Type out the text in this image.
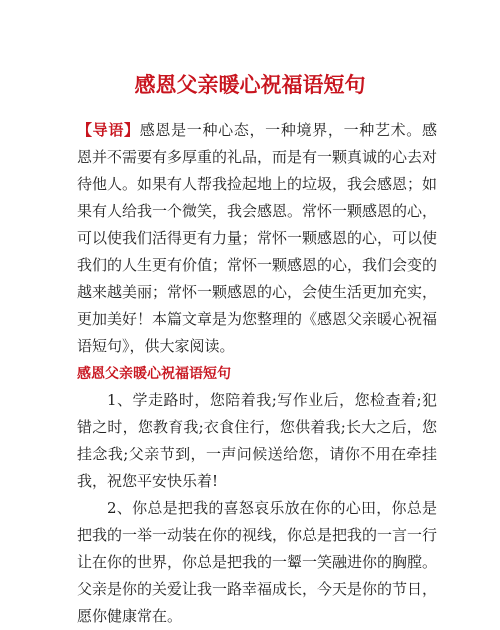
感恩父亲暖心祝福语短句

【导语】感恩是一种心态，一种境界，一种艺术。感恩并不需要有多厚重的礼品，而是有一颗真诚的心去对待他人。如果有人帮我捡起地上的垃圾，我会感恩；如果有人给我一个微笑，我会感恩。常怀一颗感恩的心，可以使我们活得更有力量；常怀一颗感恩的心，可以使我们的人生更有价值；常怀一颗感恩的心，我们会变的越来越美丽；常怀一颗感恩的心，会使生活更加充实，更加美好！本篇文章是为您整理的《感恩父亲暖心祝福语短句》，供大家阅读。

感恩父亲暖心祝福语短句

1、学走路时，您陪着我;写作业后，您检查着;犯错之时，您教育我;衣食住行，您供着我;长大之后，您挂念我;父亲节到，一声问候送给您，请你不用在牵挂我，祝您平安快乐着!

2、你总是把我的喜怒哀乐放在你的心田，你总是把我的一举一动装在你的视线，你总是把我的一言一行让在你的世界，你总是把我的一颦一笑融进你的胸膛。父亲是你的关爱让我一路幸福成长，今天是你的节日，愿你健康常在。
